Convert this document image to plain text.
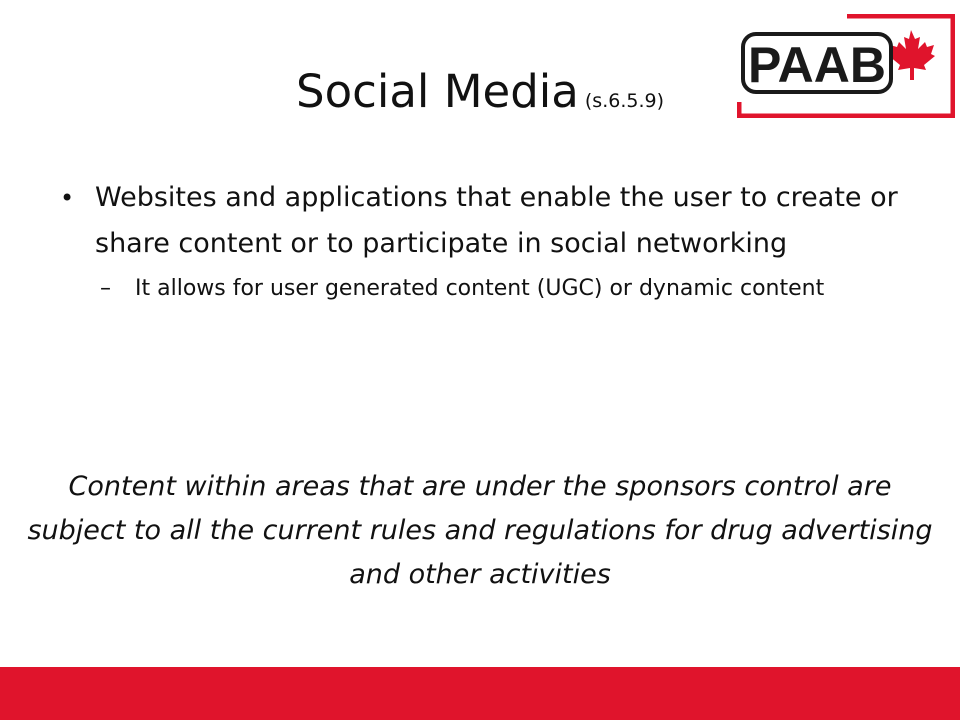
Social Media (s.6.5.9)
PAAB
• Websites and applications that enable the user to create or share content or to participate in social networking
– It allows for user generated content (UGC) or dynamic content
Content within areas that are under the sponsors control are subject to all the current rules and regulations for drug advertising and other activities
